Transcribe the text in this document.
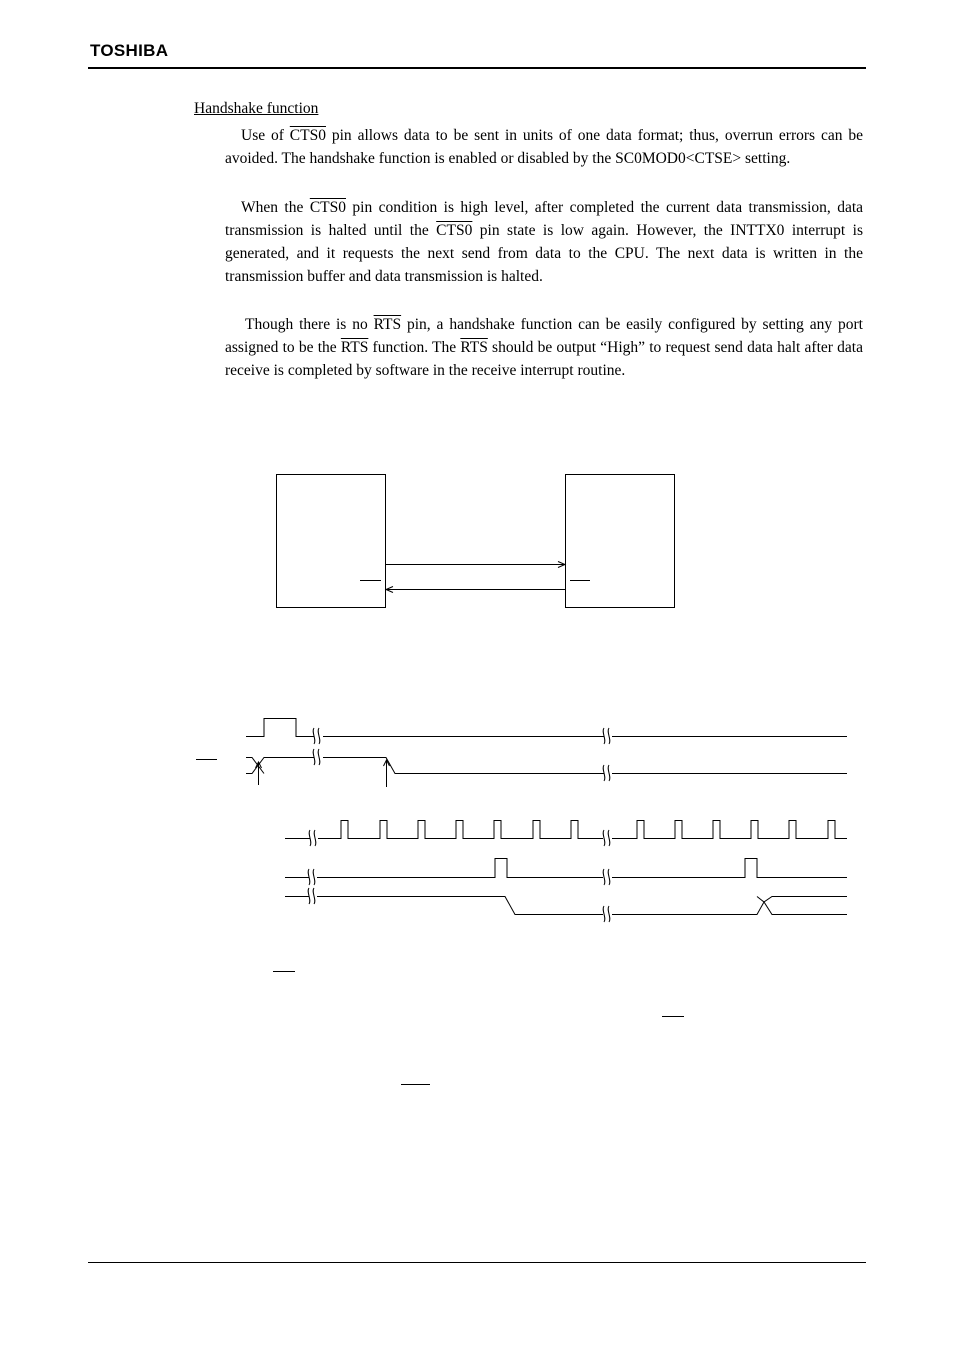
TOSHIBA
Handshake function
Use of CTS0 pin allows data to be sent in units of one data format; thus, overrun errors can be avoided. The handshake function is enabled or disabled by the SC0MOD0<CTSE> setting.
When the CTS0 pin condition is high level, after completed the current data transmission, data transmission is halted until the CTS0 pin state is low again. However, the INTTX0 interrupt is generated, and it requests the next send from data to the CPU. The next data is written in the transmission buffer and data transmission is halted.
Though there is no $\overline{RTS}$ pin, a handshake function can be easily configured by setting any port assigned to be the $\overline{RTS}$ function. The $\overline{RTS}$ should be output “High” to request send data halt after data receive is completed by software in the receive interrupt routine.
